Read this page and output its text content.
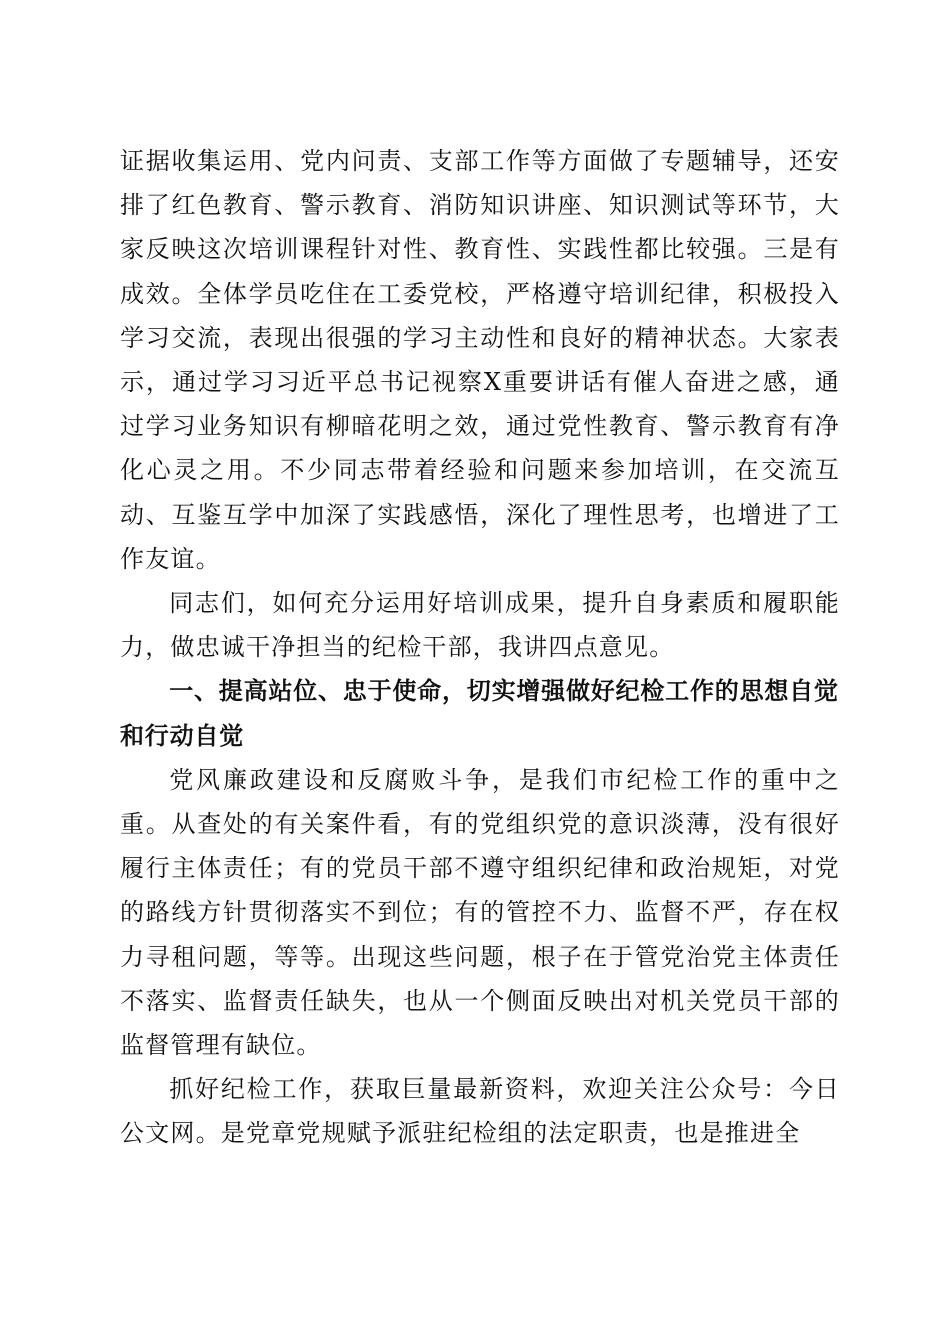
证据收集运用、党内问责、支部工作等方面做了专题辅导，还安排了红色教育、警示教育、消防知识讲座、知识测试等环节，大家反映这次培训课程针对性、教育性、实践性都比较强。三是有成效。全体学员吃住在工委党校，严格遵守培训纪律，积极投入学习交流，表现出很强的学习主动性和良好的精神状态。大家表示，通过学习习近平总书记视察X重要讲话有催人奋进之感，通过学习业务知识有柳暗花明之效，通过党性教育、警示教育有净化心灵之用。不少同志带着经验和问题来参加培训，在交流互动、互鉴互学中加深了实践感悟，深化了理性思考，也增进了工作友谊。

同志们，如何充分运用好培训成果，提升自身素质和履职能力，做忠诚干净担当的纪检干部，我讲四点意见。

一、提高站位、忠于使命，切实增强做好纪检工作的思想自觉和行动自觉

党风廉政建设和反腐败斗争，是我们市纪检工作的重中之重。从查处的有关案件看，有的党组织党的意识淡薄，没有很好履行主体责任；有的党员干部不遵守组织纪律和政治规矩，对党的路线方针贯彻落实不到位；有的管控不力、监督不严，存在权力寻租问题，等等。出现这些问题，根子在于管党治党主体责任不落实、监督责任缺失，也从一个侧面反映出对机关党员干部的监督管理有缺位。

抓好纪检工作，获取巨量最新资料，欢迎关注公众号：今日公文网。是党章党规赋予派驻纪检组的法定职责，也是推进全
